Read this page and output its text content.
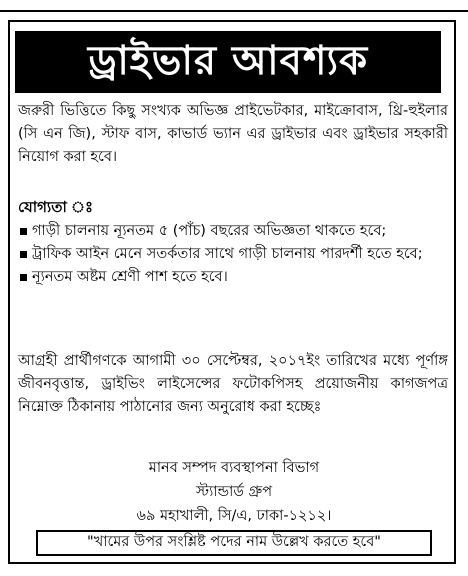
ড্রাইভার আবশ্যক
জরুরী ভিত্তিতে কিছু সংখ্যক অভিজ্ঞ প্রাইভেটকার, মাইক্রোবাস, থ্রি-হুইলার (সি এন জি), স্টাফ বাস, কাভার্ড ভ্যান এর ড্রাইভার এবং ড্রাইভার সহকারী নিয়োগ করা হবে।
যোগ্যতা ঃ
গাড়ী চালনায় ন্যূনতম ৫ (পাঁচ) বছরের অভিজ্ঞতা থাকতে হবে;
ট্রাফিক আইন মেনে সতর্কতার সাথে গাড়ী চালনায় পারদর্শী হতে হবে;
ন্যূনতম অষ্টম শ্রেণী পাশ হতে হবে।
আগ্রহী প্রার্থীগণকে আগামী ৩০ সেপ্টেম্বর, ২০১৭ইং তারিখের মধ্যে পূর্ণাঙ্গ জীবনবৃত্তান্ত, ড্রাইভিং লাইসেন্সের ফটোকপিসহ প্রয়োজনীয় কাগজপত্র নিম্নোক্ত ঠিকানায় পাঠানোর জন্য অনুরোধ করা হচ্ছেঃ
মানব সম্পদ ব্যবস্থাপনা বিভাগ
স্ট্যান্ডার্ড গ্রুপ
৬৯ মহাখালী, সি/এ, ঢাকা-১২১২।
"খামের উপর সংশ্লিষ্ট পদের নাম উল্লেখ করতে হবে"
